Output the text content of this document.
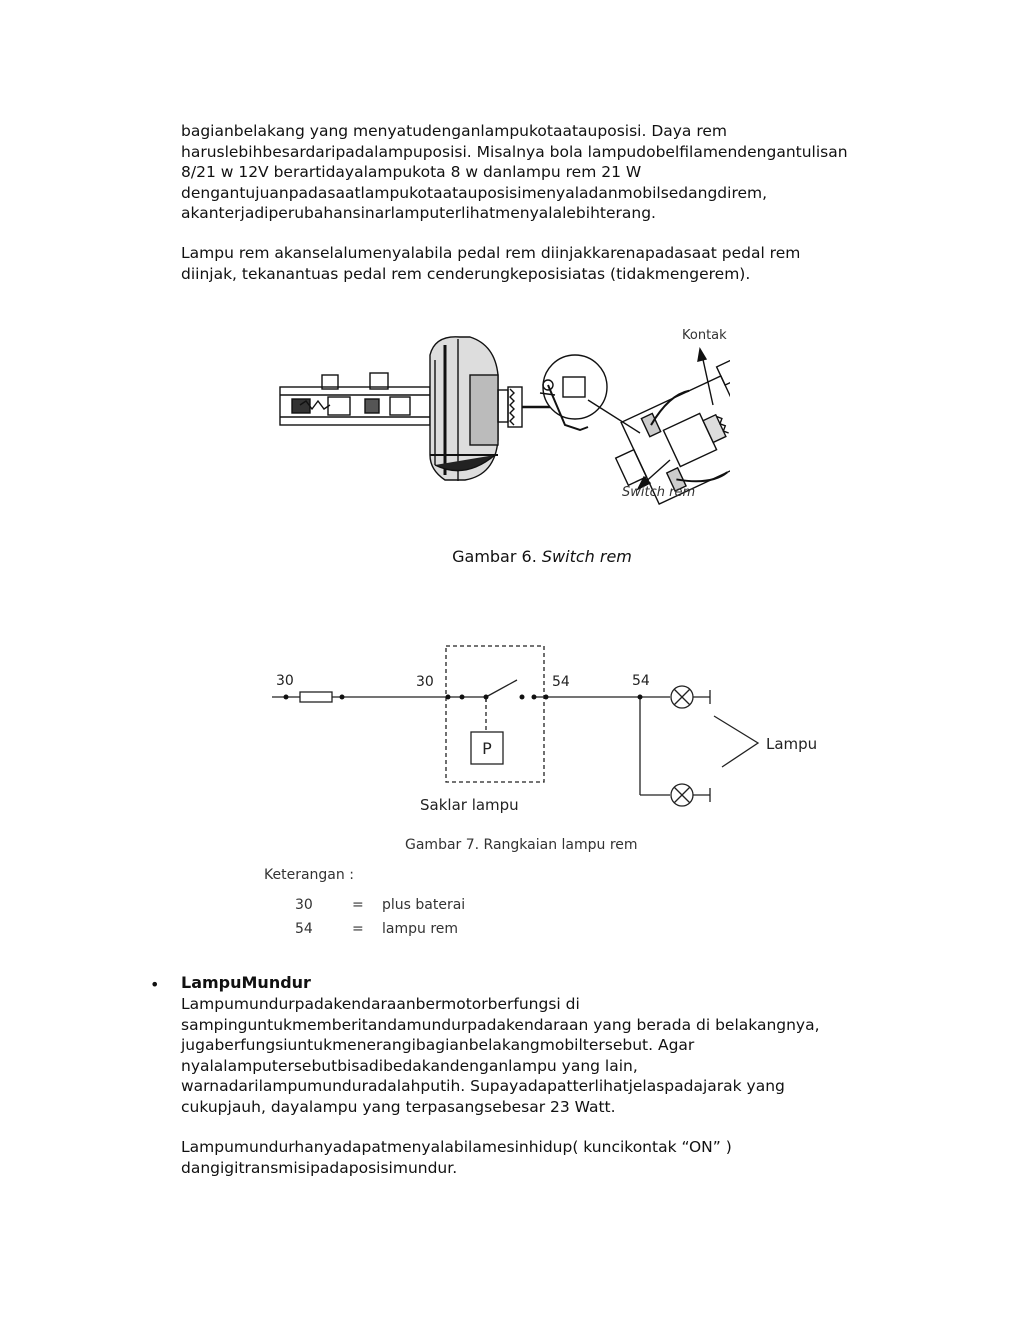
bagianbelakang yang menyatudenganlampukotaatauposisi. Daya rem
haruslebihbesardaripadalampuposisi. Misalnya bola lampudobelfilamendengantulisan
8/21 w 12V berartidayalampukota 8 w danlampu rem 21 W
dengantujuanpadasaatlampukotaatauposisimenyaladanmobilsedangdirem,
akanterjadiperubahansinarlamputerlihatmenyalalebihterang.

Lampu rem akanselalumenyalabila pedal rem diinjakkarenapadasaat pedal rem
diinjak, tekanantuas pedal rem cenderungkeposisiatas (tidakmengerem).

Kontak
Switch rem
Gambar 6. Switch rem
30	30	54	54
P	Lampu
Saklar lampu
Gambar 7. Rangkaian lampu rem
Keterangan :
30	= plus baterai
54	= lampu rem
• LampuMundur

Lampumundurpadakendaraanbermotorberfungsi di
sampinguntukmemberitandamundurpadakendaraan yang berada di belakangnya,
jugaberfungsiuntukmenerangibagianbelakangmobiltersebut. Agar
nyalalamputersebutbisadibedakandenganlampu yang lain,
warnadarilampumunduradalahputih. Supayadapatterlihatjelaspadajarak yang
cukupjauh, dayalampu yang terpasangsebesar 23 Watt.

Lampumundurhanyadapatmenyalabilamesinhidup( kuncikontak “ON” )
dangigitransmisipadaposisimundur.
